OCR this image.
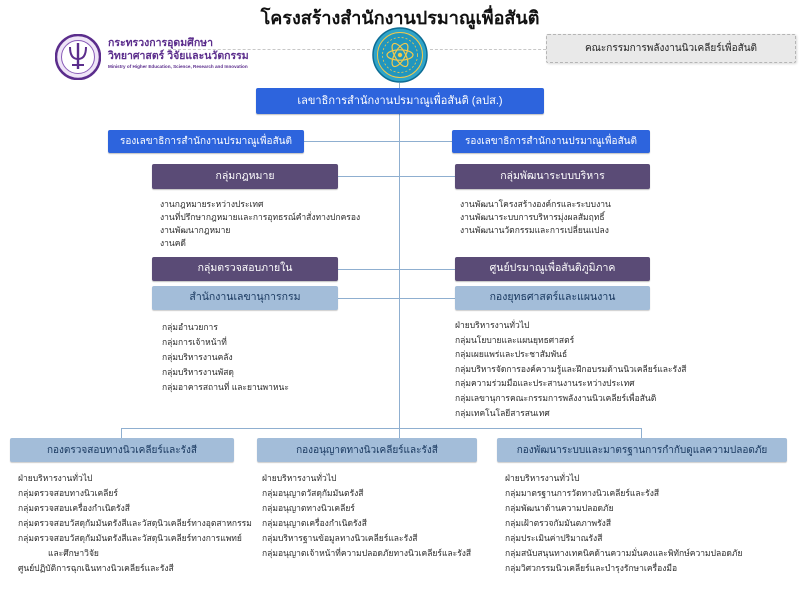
โครงสร้างสำนักงานปรมาณูเพื่อสันติ
กระทรวงการอุดมศึกษา
วิทยาศาสตร์ วิจัยและนวัตกรรม
Ministry of Higher Education, Science, Research and Innovation
คณะกรรมการพลังงานนิวเคลียร์เพื่อสันติ
เลขาธิการสำนักงานปรมาณูเพื่อสันติ (ลปส.)
รองเลขาธิการสำนักงานปรมาณูเพื่อสันติ	รองเลขาธิการสำนักงานปรมาณูเพื่อสันติ
กลุ่มกฎหมาย
งานกฎหมายระหว่างประเทศ
งานที่ปรึกษากฎหมายและการอุทธรณ์คำสั่งทางปกครอง
งานพัฒนากฎหมาย
งานคดี
กลุ่มตรวจสอบภายใน
สำนักงานเลขานุการกรม
กลุ่มอำนวยการ
กลุ่มการเจ้าหน้าที่
กลุ่มบริหารงานคลัง
กลุ่มบริหารงานพัสดุ
กลุ่มอาคารสถานที่ และยานพาหนะ
กลุ่มพัฒนาระบบบริหาร
งานพัฒนาโครงสร้างองค์กรและระบบงาน
งานพัฒนาระบบการบริหารมุ่งผลสัมฤทธิ์
งานพัฒนานวัตกรรมและการเปลี่ยนแปลง
ศูนย์ปรมาณูเพื่อสันติภูมิภาค
กองยุทธศาสตร์และแผนงาน
ฝ่ายบริหารงานทั่วไป
กลุ่มนโยบายและแผนยุทธศาสตร์
กลุ่มเผยแพร่และประชาสัมพันธ์
กลุ่มบริหารจัดการองค์ความรู้และฝึกอบรมด้านนิวเคลียร์และรังสี
กลุ่มความร่วมมือและประสานงานระหว่างประเทศ
กลุ่มเลขานุการคณะกรรมการพลังงานนิวเคลียร์เพื่อสันติ
กลุ่มเทคโนโลยีสารสนเทศ
กองตรวจสอบทางนิวเคลียร์และรังสี
ฝ่ายบริหารงานทั่วไป
กลุ่มตรวจสอบทางนิวเคลียร์
กลุ่มตรวจสอบเครื่องกำเนิดรังสี
กลุ่มตรวจสอบวัสดุกัมมันตรังสีและวัสดุนิวเคลียร์ทางอุตสาหกรรม
กลุ่มตรวจสอบวัสดุกัมมันตรังสีและวัสดุนิวเคลียร์ทางการแพทย์
และศึกษาวิจัย
ศูนย์ปฏิบัติการฉุกเฉินทางนิวเคลียร์และรังสี
กองอนุญาตทางนิวเคลียร์และรังสี
ฝ่ายบริหารงานทั่วไป
กลุ่มอนุญาตวัสดุกัมมันตรังสี
กลุ่มอนุญาตทางนิวเคลียร์
กลุ่มอนุญาตเครื่องกำเนิดรังสี
กลุ่มบริหารฐานข้อมูลทางนิวเคลียร์และรังสี
กลุ่มอนุญาตเจ้าหน้าที่ความปลอดภัยทางนิวเคลียร์และรังสี
กองพัฒนาระบบและมาตรฐานการกำกับดูแลความปลอดภัย
ฝ่ายบริหารงานทั่วไป
กลุ่มมาตรฐานการวัดทางนิวเคลียร์และรังสี
กลุ่มพัฒนาด้านความปลอดภัย
กลุ่มเฝ้าตรวจกัมมันตภาพรังสี
กลุ่มประเมินค่าปริมาณรังสี
กลุ่มสนับสนุนทางเทคนิคด้านความมั่นคงและพิทักษ์ความปลอดภัย
กลุ่มวิศวกรรมนิวเคลียร์และบำรุงรักษาเครื่องมือ
